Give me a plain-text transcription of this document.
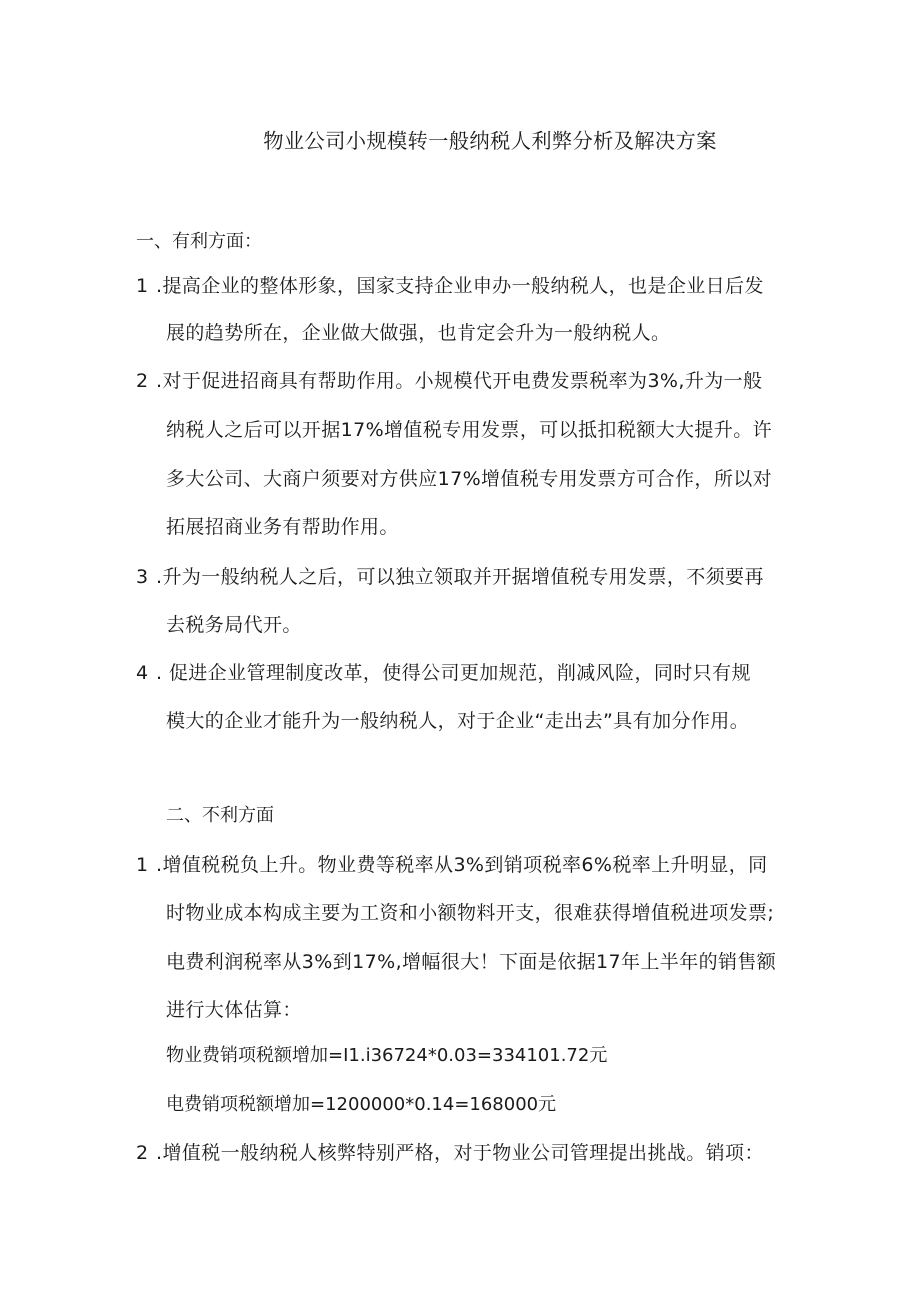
物业公司小规模转一般纳税人利弊分析及解决方案
一、有利方面：
1 .提高企业的整体形象，国家支持企业申办一般纳税人，也是企业日后发
展的趋势所在，企业做大做强，也肯定会升为一般纳税人。
2 .对于促进招商具有帮助作用。小规模代开电费发票税率为3%,升为一般
纳税人之后可以开据17%增值税专用发票，可以抵扣税额大大提升。许
多大公司、大商户须要对方供应17%增值税专用发票方可合作，所以对
拓展招商业务有帮助作用。
3 .升为一般纳税人之后，可以独立领取并开据增值税专用发票，不须要再
去税务局代开。
4 . 促进企业管理制度改革，使得公司更加规范，削减风险，同时只有规
模大的企业才能升为一般纳税人，对于企业“走出去”具有加分作用。
二、不利方面
1 .增值税税负上升。物业费等税率从3%到销项税率6%税率上升明显，同
时物业成本构成主要为工资和小额物料开支，很难获得增值税进项发票;
电费利润税率从3%到17%,增幅很大！下面是依据17年上半年的销售额
进行大体估算：
物业费销项税额增加=I1.i36724*0.03=334101.72元
电费销项税额增加=1200000*0.14=168000元
2 .增值税一般纳税人核弊特别严格，对于物业公司管理提出挑战。销项：
